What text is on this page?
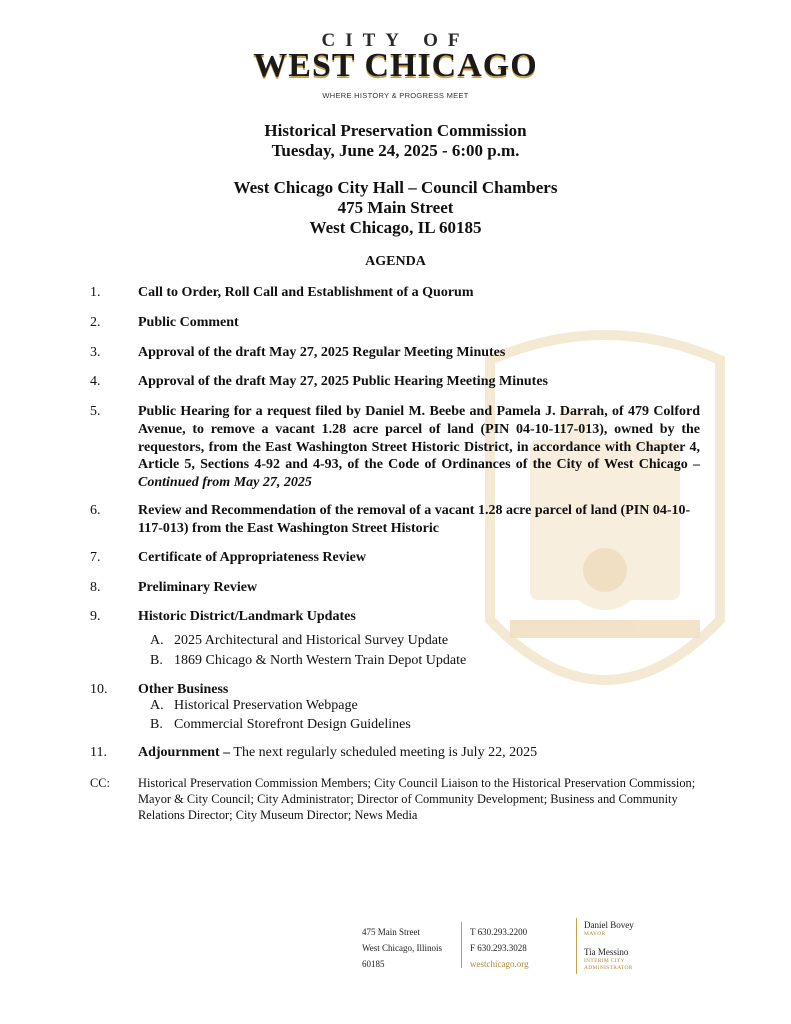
CITY OF
WEST CHICAGO
WHERE HISTORY & PROGRESS MEET
Historical Preservation Commission
Tuesday, June 24, 2025 - 6:00 p.m.
West Chicago City Hall – Council Chambers
475 Main Street
West Chicago, IL 60185
AGENDA
1.	Call to Order, Roll Call and Establishment of a Quorum
2.	Public Comment
3.	Approval of the draft May 27, 2025 Regular Meeting Minutes
4.	Approval of the draft May 27, 2025 Public Hearing Meeting Minutes
5.	Public Hearing for a request filed by Daniel M. Beebe and Pamela J. Darrah, of 479 Colford Avenue, to remove a vacant 1.28 acre parcel of land (PIN 04-10-117-013), owned by the requestors, from the East Washington Street Historic District, in accordance with Chapter 4, Article 5, Sections 4-92 and 4-93, of the Code of Ordinances of the City of West Chicago – Continued from May 27, 2025
6.	Review and Recommendation of the removal of a vacant 1.28 acre parcel of land (PIN 04-10-117-013) from the East Washington Street Historic
7.	Certificate of Appropriateness Review
8.	Preliminary Review
9.	Historic District/Landmark Updates
A. 2025 Architectural and Historical Survey Update
B. 1869 Chicago & North Western Train Depot Update
10. Other Business
A. Historical Preservation Webpage
B. Commercial Storefront Design Guidelines
11. Adjournment – The next regularly scheduled meeting is July 22, 2025
CC: Historical Preservation Commission Members; City Council Liaison to the Historical Preservation Commission; Mayor & City Council; City Administrator; Director of Community Development; Business and Community Relations Director; City Museum Director; News Media
475 Main Street
West Chicago, Illinois
60185
T 630.293.2200
F 630.293.3028
westchicago.org
Daniel Bovey
MAYOR
Tia Messino
INTERIM CITY
ADMINISTRATOR
